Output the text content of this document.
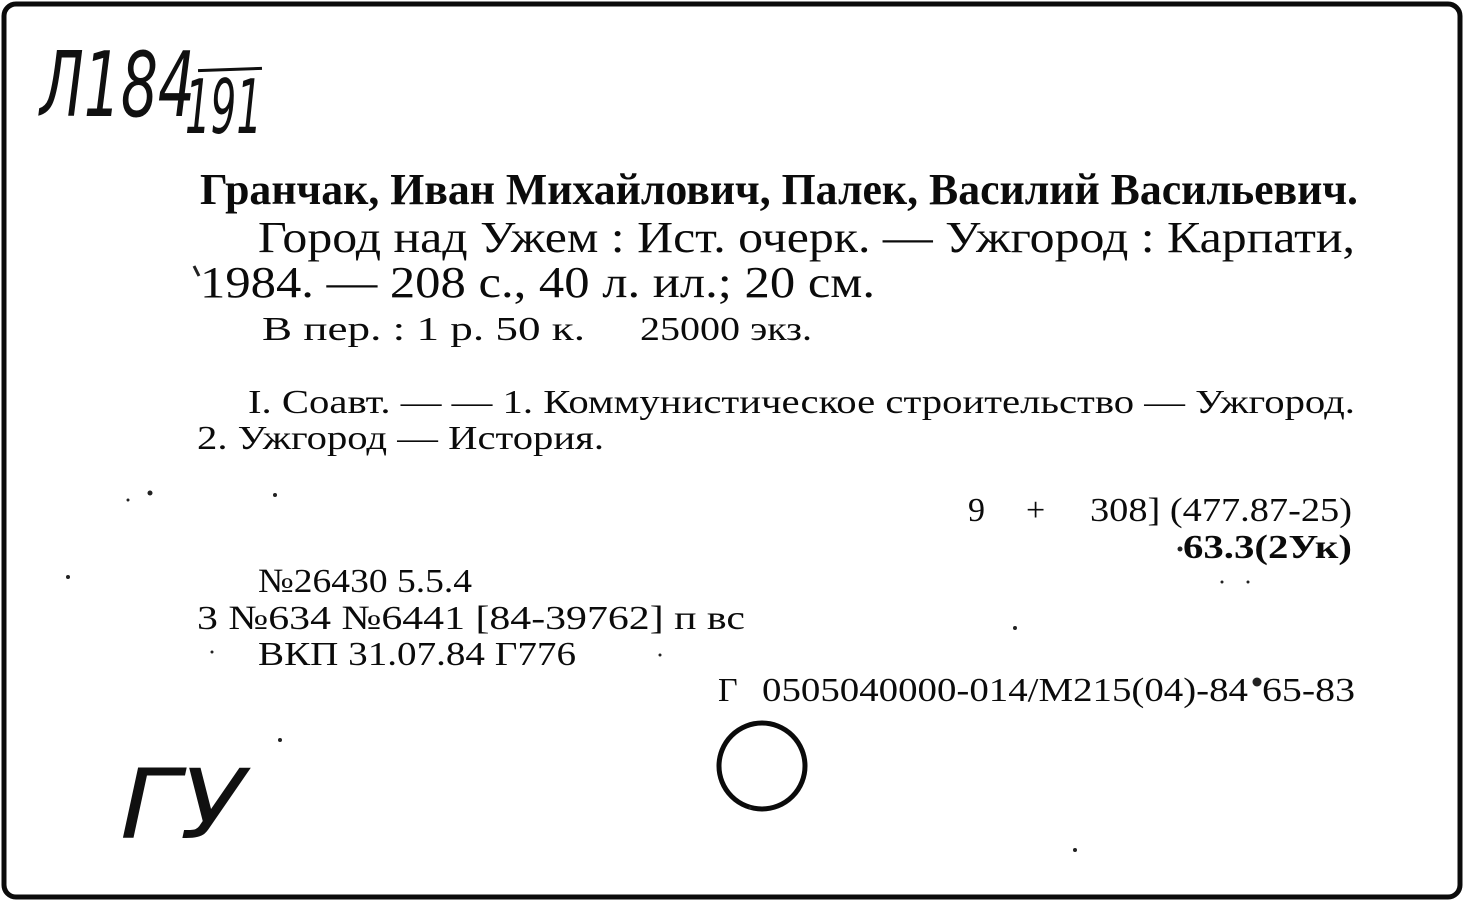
Л184
191
Гранчак, Иван Михайлович, Палек, Василий Васильевич.
Город над Ужем : Ист. очерк. — Ужгород : Карпати,
1984. — 208 с., 40 л. ил.; 20 см.
В пер. : 1 р. 50 к. 25000 экз.
I. Соавт. — — 1. Коммунистическое строительство — Ужгород.
2. Ужгород — История.
9 + 308] (477.87-25)
63.3(2Ук)
№26430 5.5.4
3 №634 №6441 [84-39762] п вс
ВКП 31.07.84 Г776
Г 0505040000-014/М215(04)-84 65-83
ГУ
